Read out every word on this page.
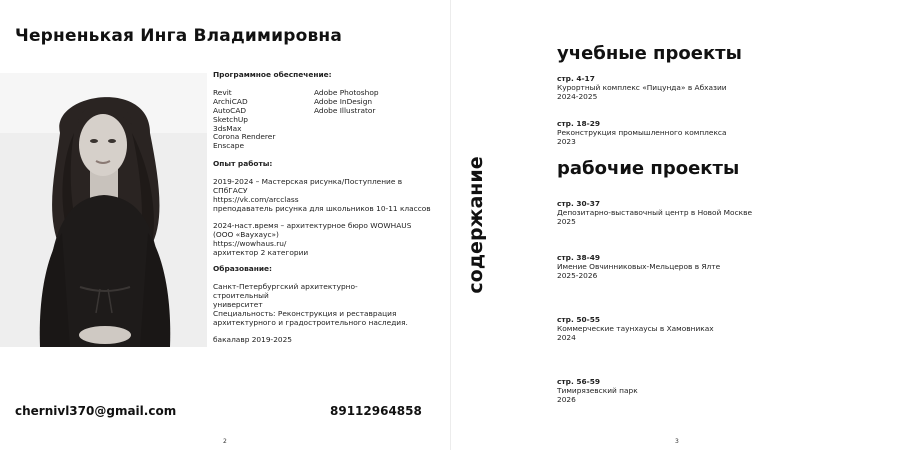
Черненькая Инга Владимировна
Программное обеспечение:
Revit
ArchiCAD
AutoCAD
SketchUp
3dsMax
Corona Renderer
Enscape
Adobe Photoshop
Adobe InDesign
Adobe Illustrator
Опыт работы:
2019-2024 – Мастерская рисунка/Поступление в
СПбГАСУ
https://vk.com/arcclass
преподаватель рисунка для школьников 10-11 классов
2024-наст.время – архитектурное бюро WOWHAUS
(ООО «Ваухаус»)
https://wowhaus.ru/
архитектор 2 категории
Образование:
Санкт-Петербургский архитектурно-
строительный
университет
Специальность: Реконструкция и реставрация
архитектурного и градостроительного наследия.
бакалавр 2019-2025
chernivl370@gmail.com	89112964858
2
содержание
учебные проекты
стр. 4-17
Курортный комплекс «Пицунда» в Абхазии
2024-2025
стр. 18-29
Реконструкция промышленного комплекса
2023
рабочие проекты
стр. 30-37
Депозитарно-выставочный центр в Новой Москве
2025
стр. 38-49
Имение Овчинниковых-Мельцеров в Ялте
2025-2026
стр. 50-55
Коммерческие таунхаусы в Хамовниках
2024
стр. 56-59
Тимирязевский парк
2026
3
